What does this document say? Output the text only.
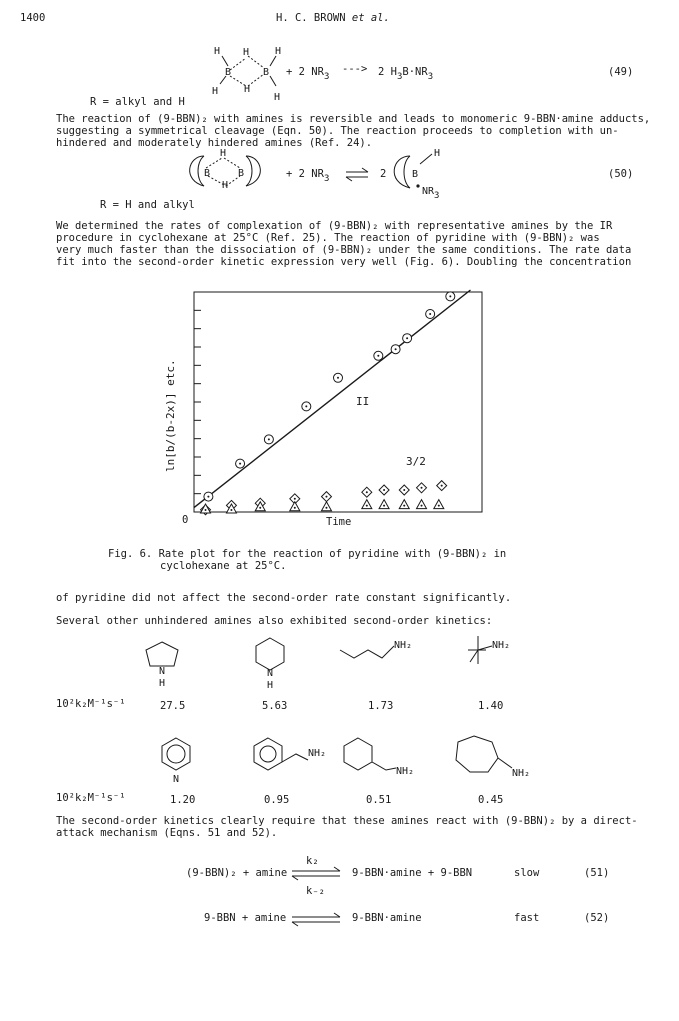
1400	H. C. BROWN et al.
H H	H
B	B
H
H
H
+ 2 NR3
---> 2 H3B·NR3	(49)
R = alkyl and H
The reaction of (9-BBN)₂ with amines is reversible and leads to monomeric 9-BBN·amine adducts,
suggesting a symmetrical cleavage (Eqn. 50). The reaction proceeds to completion with un-
hindered and moderately hindered amines (Ref. 24).
H
B	B
H
+ 2 NR3	2
H
B
NR3
(50)
R = H and alkyl
We determined the rates of complexation of (9-BBN)₂ with representative amines by the IR
procedure in cyclohexane at 25°C (Ref. 25). The reaction of pyridine with (9-BBN)₂ was
very much faster than the dissociation of (9-BBN)₂ under the same conditions. The rate data
fit into the second-order kinetic expression very well (Fig. 6). Doubling the concentration
ln[b/(b-2x)] etc.
0	Time
II
3/2
Fig. 6. Rate plot for the reaction of pyridine with (9-BBN)₂ in
cyclohexane at 25°C.
of pyridine did not affect the second-order rate constant significantly.
Several other unhindered amines also exhibited second-order kinetics:
N
H
N
H
NH₂	NH₂
10²k₂M⁻¹s⁻¹	27.5	5.63	1.73	1.40
N
NH₂
NH₂	NH₂
10²k₂M⁻¹s⁻¹	1.20	0.95	0.51	0.45
The second-order kinetics clearly require that these amines react with (9-BBN)₂ by a direct-
attack mechanism (Eqns. 51 and 52).
(9-BBN)₂ + amine
k₂
k₋₂
9-BBN·amine + 9-BBN	slow	(51)
9-BBN + amine	9-BBN·amine	fast	(52)
